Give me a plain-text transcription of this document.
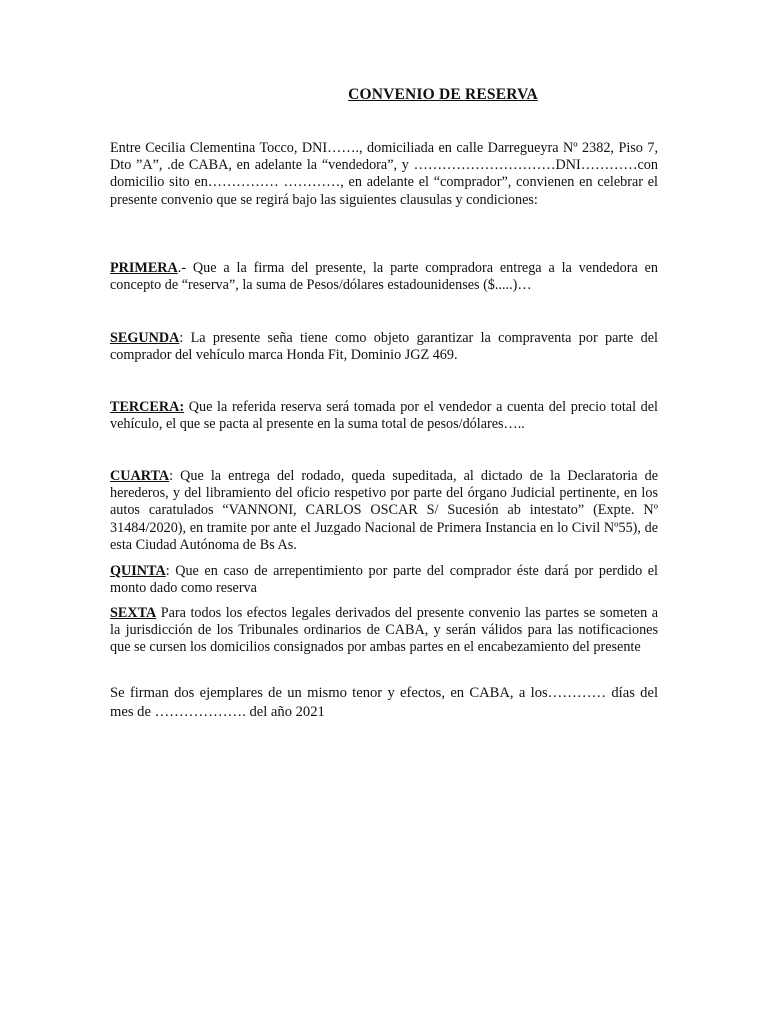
CONVENIO DE RESERVA
Entre Cecilia Clementina Tocco, DNI……., domiciliada en calle Darregueyra Nº 2382, Piso 7, Dto ”A”, .de CABA, en adelante la “vendedora”, y …………………………DNI…………con domicilio sito en…………… …………, en adelante el “comprador”, convienen en celebrar el presente convenio que se regirá bajo las siguientes clausulas y condiciones:
PRIMERA.- Que a la firma del presente, la parte compradora entrega a la vendedora en concepto de “reserva”, la suma de Pesos/dólares estadounidenses ($.....)…
SEGUNDA: La presente seña tiene como objeto garantizar la compraventa por parte del comprador del vehículo marca Honda Fit, Dominio JGZ 469.
TERCERA: Que la referida reserva será tomada por el vendedor a cuenta del precio total del vehículo, el que se pacta al presente en la suma total de pesos/dólares…..
CUARTA: Que la entrega del rodado, queda supeditada, al dictado de la Declaratoria de herederos, y del libramiento del oficio respetivo por parte del órgano Judicial pertinente, en los autos caratulados “VANNONI, CARLOS OSCAR S/ Sucesión ab intestato” (Expte. Nº 31484/2020), en tramite por ante el Juzgado Nacional de Primera Instancia en lo Civil Nº55), de esta Ciudad Autónoma de Bs As.
QUINTA: Que en caso de arrepentimiento por parte del comprador éste dará por perdido el monto dado como reserva
SEXTA Para todos los efectos legales derivados del presente convenio las partes se someten a la jurisdicción de los Tribunales ordinarios de CABA, y serán válidos para las notificaciones que se cursen los domicilios consignados por ambas partes en el encabezamiento del presente
Se firman dos ejemplares de un mismo tenor y efectos, en CABA, a los………… días del mes de ………………. del año 2021
